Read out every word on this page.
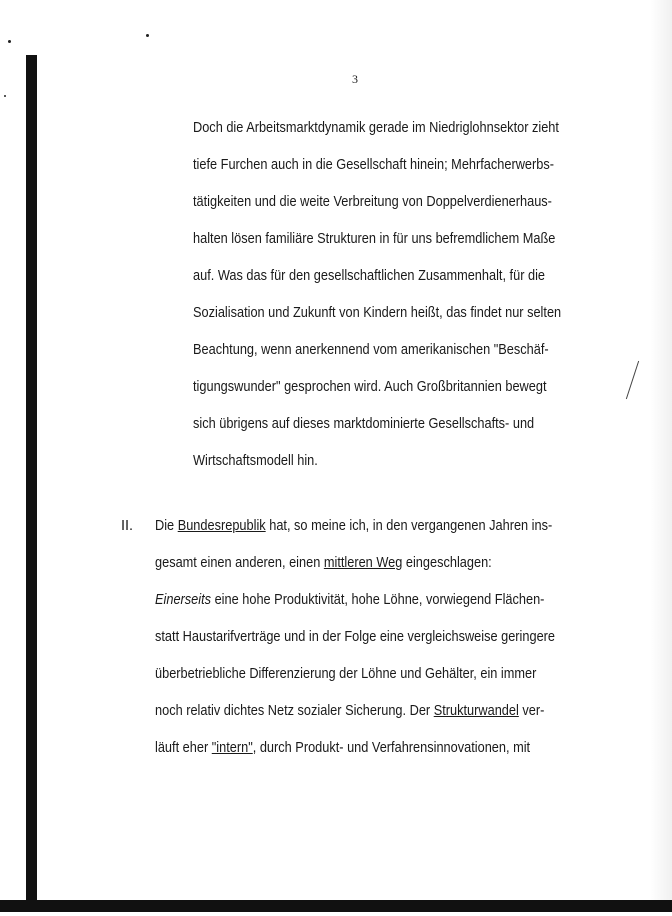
3
Doch die Arbeitsmarktdynamik gerade im Niedriglohnsektor zieht
tiefe Furchen auch in die Gesellschaft hinein; Mehrfacherwerbs-
tätigkeiten und die weite Verbreitung von Doppelverdienerhaus-
halten lösen familiäre Strukturen in für uns befremdlichem Maße
auf. Was das für den gesellschaftlichen Zusammenhalt, für die
Sozialisation und Zukunft von Kindern heißt, das findet nur selten
Beachtung, wenn anerkennend vom amerikanischen "Beschäf-
tigungswunder" gesprochen wird. Auch Großbritannien bewegt
sich übrigens auf dieses marktdominierte Gesellschafts- und
Wirtschaftsmodell hin.
II. Die Bundesrepublik hat, so meine ich, in den vergangenen Jahren ins-
gesamt einen anderen, einen mittleren Weg eingeschlagen:
Einerseits eine hohe Produktivität, hohe Löhne, vorwiegend Flächen-
statt Haustarifverträge und in der Folge eine vergleichsweise geringere
überbetriebliche Differenzierung der Löhne und Gehälter, ein immer
noch relativ dichtes Netz sozialer Sicherung. Der Strukturwandel ver-
läuft eher "intern", durch Produkt- und Verfahrensinnovationen, mit
